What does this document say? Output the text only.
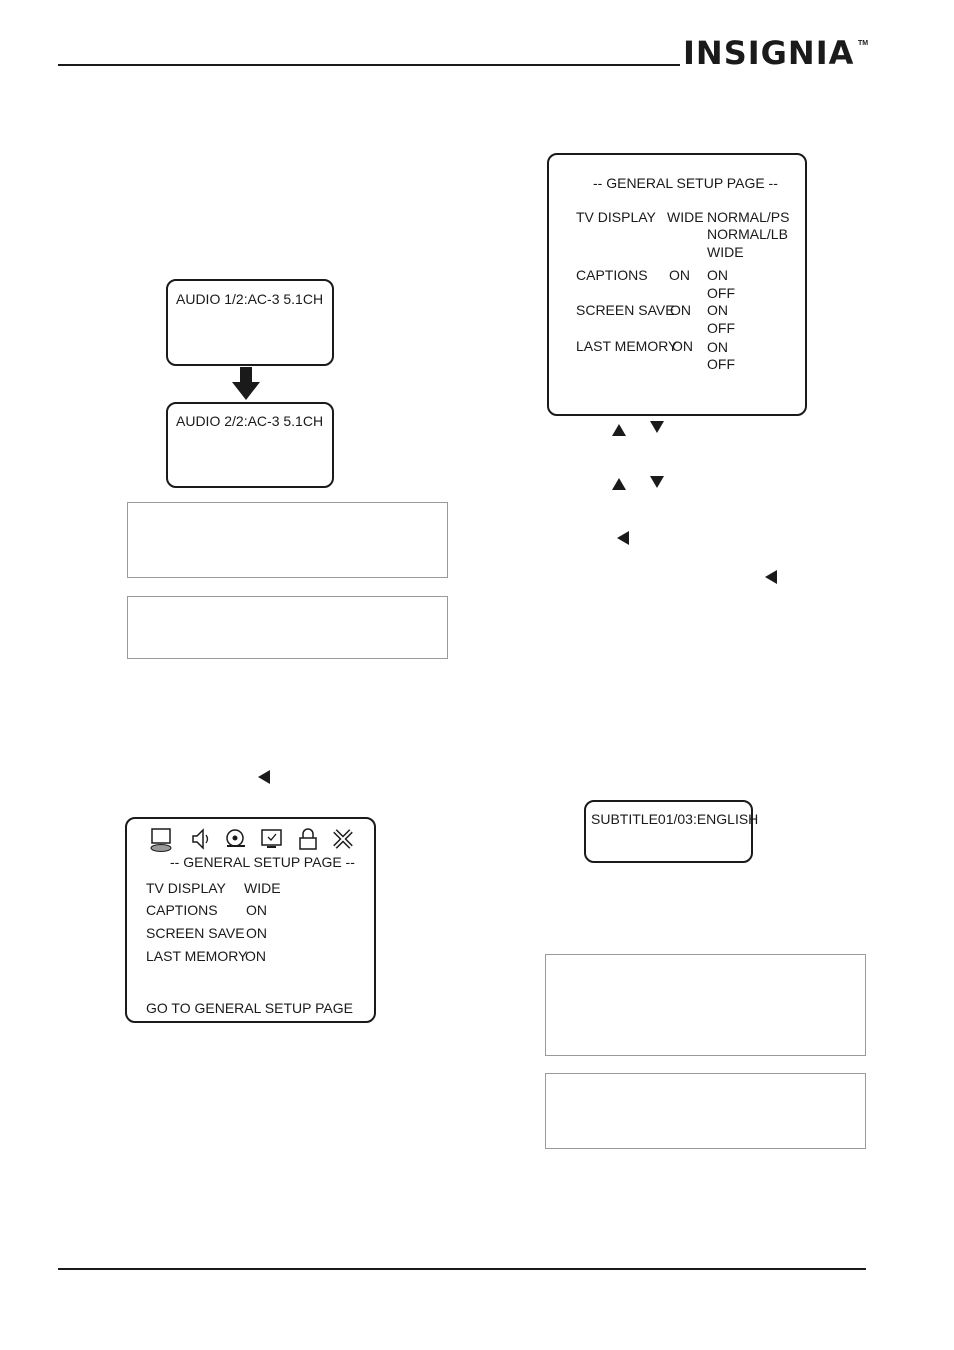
INSIGNIA TM
AUDIO 1/2:AC-3 5.1CH
AUDIO 2/2:AC-3 5.1CH
-- GENERAL SETUP PAGE --
TV DISPLAY WIDE
CAPTIONS ON
SCREEN SAVE ON
LAST MEMORY
ON
GO TO GENERAL SETUP PAGE
-- GENERAL SETUP PAGE --
TV DISPLAY WIDE NORMAL/PS
NORMAL/LB
WIDE
CAPTIONS ON ON
OFF
SCREEN SAVE
ON ON
OFF
LAST MEMORY
ON ON
OFF
SUBTITLE01/03:ENGLISH
